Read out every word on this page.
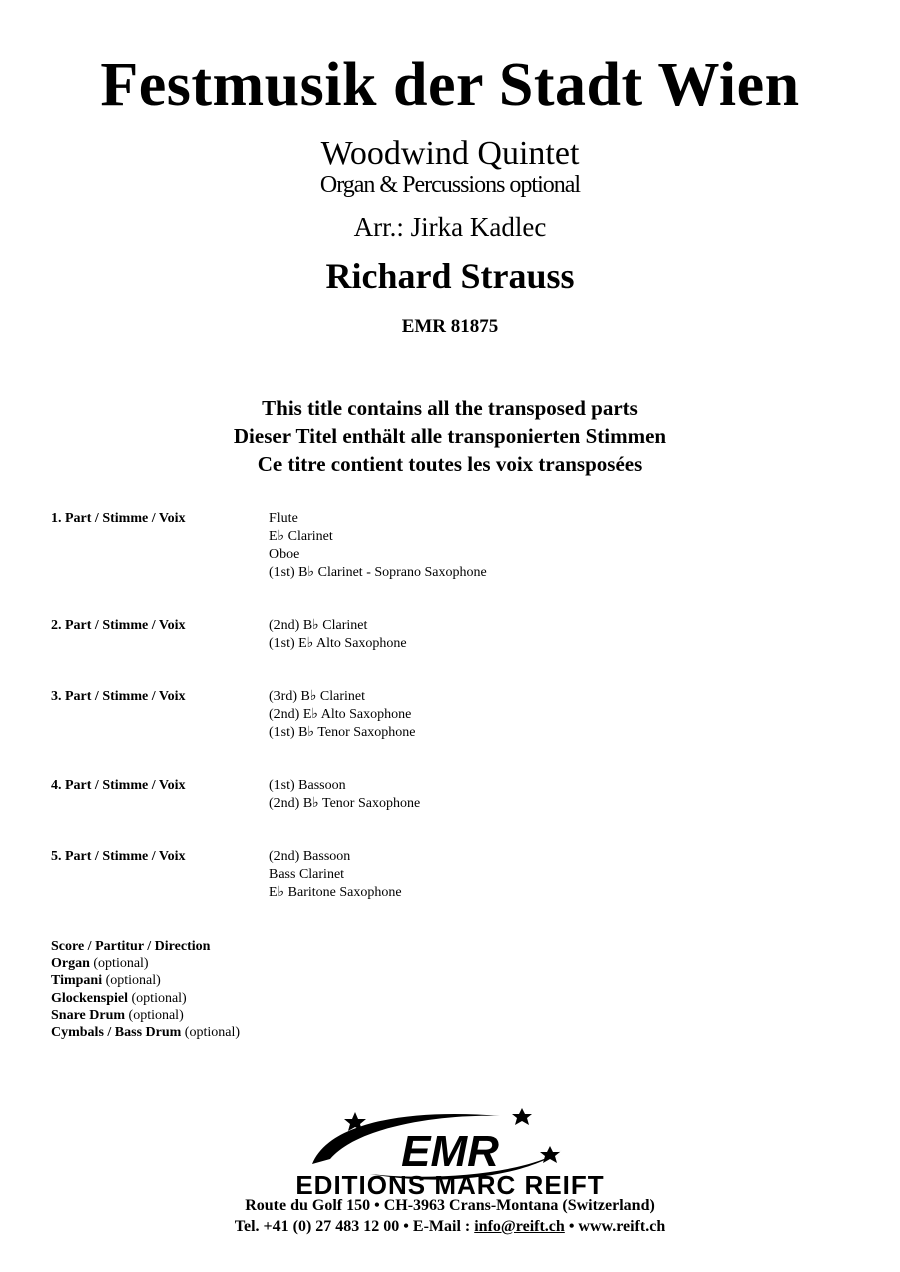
Festmusik der Stadt Wien
Woodwind Quintet
Organ & Percussions optional
Arr.: Jirka Kadlec
Richard Strauss
EMR 81875
This title contains all the transposed parts
Dieser Titel enthält alle transponierten Stimmen
Ce titre contient toutes les voix transposées
1. Part / Stimme / Voix	Flute
E♭ Clarinet
Oboe
(1st) B♭ Clarinet - Soprano Saxophone
2. Part / Stimme / Voix	(2nd) B♭ Clarinet
(1st) E♭ Alto Saxophone
3. Part / Stimme / Voix	(3rd) B♭ Clarinet
(2nd) E♭ Alto Saxophone
(1st) B♭ Tenor Saxophone
4. Part / Stimme / Voix	(1st) Bassoon
(2nd) B♭ Tenor Saxophone
5. Part / Stimme / Voix	(2nd) Bassoon
Bass Clarinet
E♭ Baritone Saxophone
Score / Partitur / Direction
Organ (optional)
Timpani (optional)
Glockenspiel (optional)
Snare Drum (optional)
Cymbals / Bass Drum (optional)
EMR
EDITIONS MARC REIFT
Route du Golf 150 • CH-3963 Crans-Montana (Switzerland)
Tel. +41 (0) 27 483 12 00 • E-Mail : info@reift.ch • www.reift.ch
